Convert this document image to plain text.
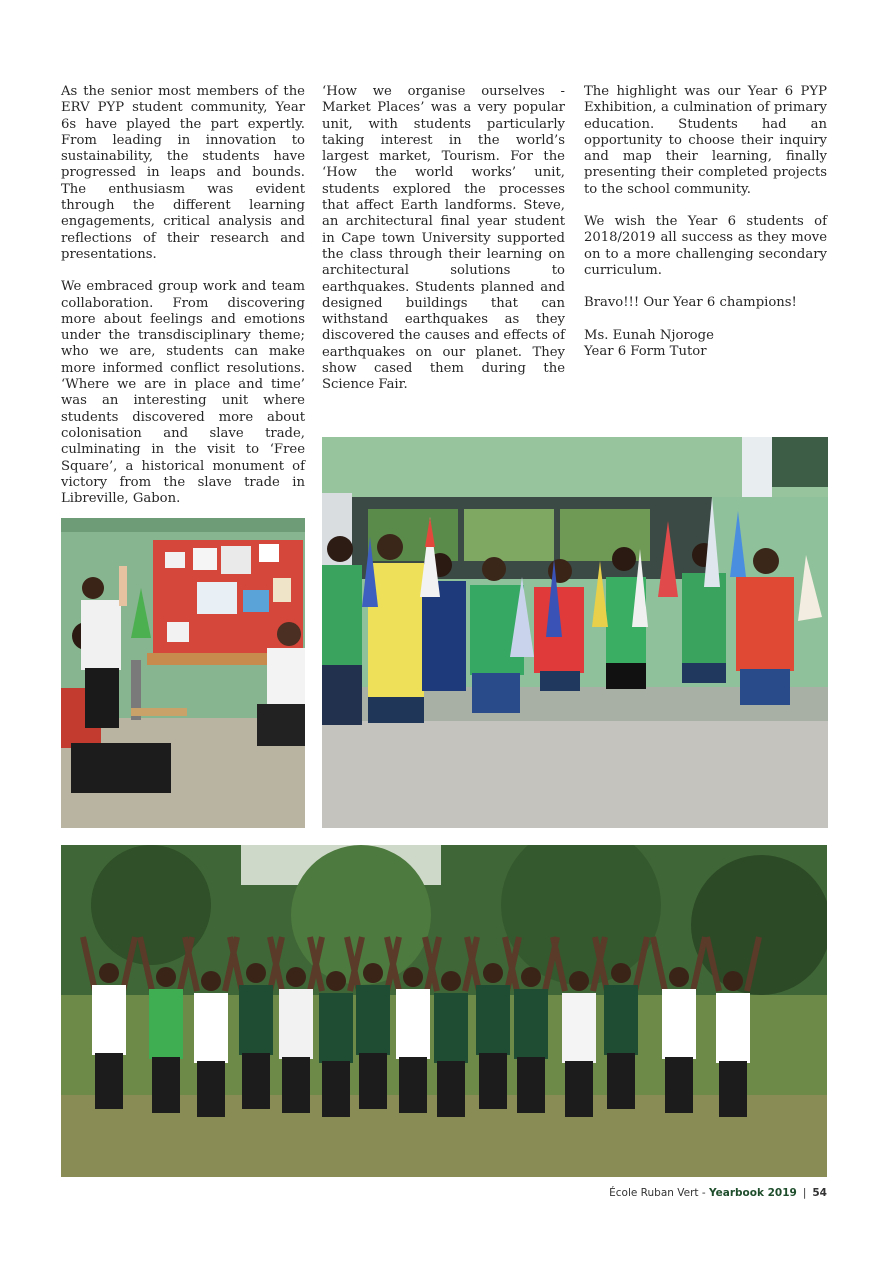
As the senior most members of the ERV PYP student community, Year 6s have played the part expertly. From leading in innovation to sustainability, the students have progressed in leaps and bounds. The enthusiasm was evident through the different learning engagements, critical analysis and reflections of their research and presentations.

We embraced group work and team collaboration. From discovering more about feelings and emotions under the transdisciplinary theme; who we are, students can make more informed conflict resolutions. ‘Where we are in place and time’ was an interesting unit where students discovered more about colonisation and slave trade, culminating in the visit to ‘Free Square’, a historical monument of victory from the slave trade in Libreville, Gabon.

‘How we organise ourselves - Market Places’ was a very popular unit, with students particularly taking interest in the world’s largest market, Tourism. For the ‘How the world works’ unit, students explored the processes that affect Earth landforms. Steve, an architectural final year student in Cape town University supported the class through their learning on architectural solutions to earthquakes. Students planned and designed buildings that can withstand earthquakes as they discovered the causes and effects of earthquakes on our planet. They show cased them during the Science Fair.

The highlight was our Year 6 PYP Exhibition, a culmination of primary education. Students had an opportunity to choose their inquiry and map their learning, finally presenting their completed projects to the school community.

We wish the Year 6 students of 2018/2019 all success as they move on to a more challenging secondary curriculum.

Bravo!!! Our Year 6 champions!

Ms. Eunah Njoroge
Year 6 Form Tutor

École Ruban Vert - Yearbook 2019 | 54
